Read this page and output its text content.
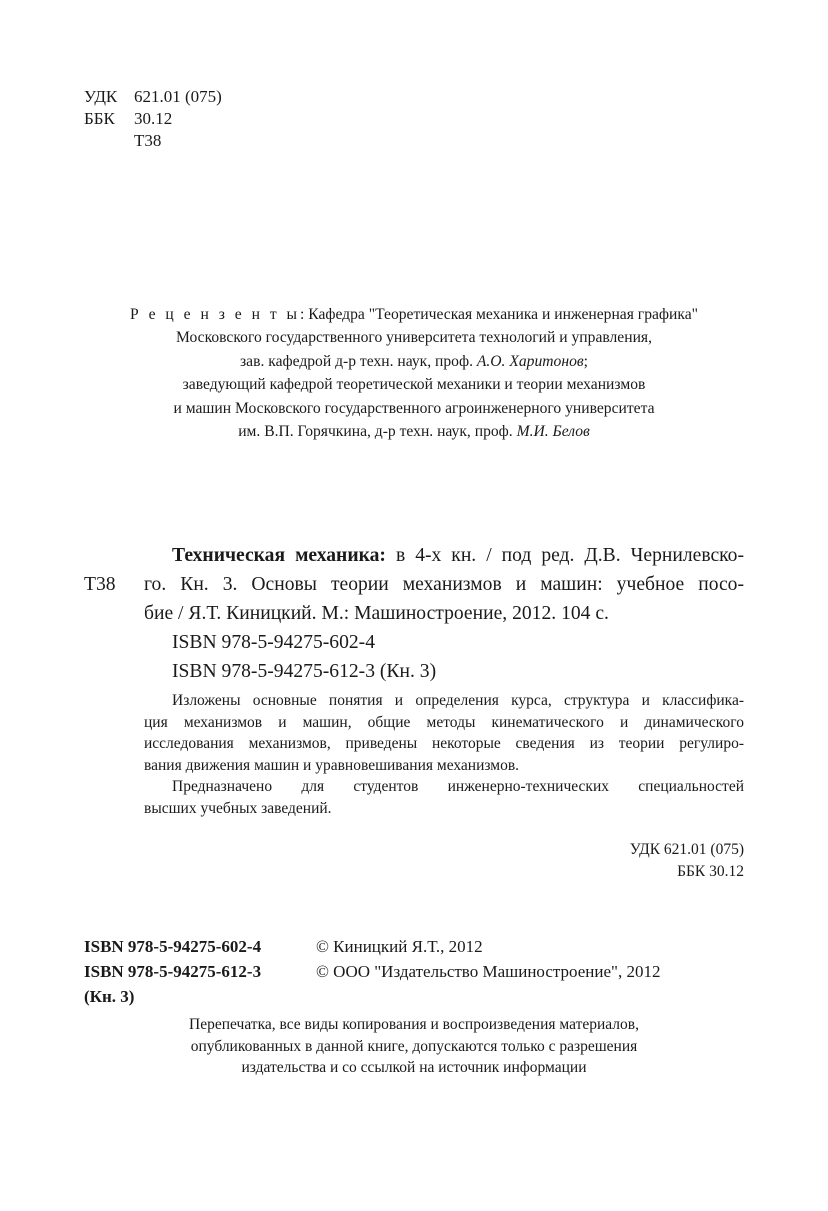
УДК 621.01 (075)
ББК	30.12
Т38
Р е ц е н з е н т ы: Кафедра "Теоретическая механика и инженерная графика"
Московского государственного университета технологий и управления,
зав. кафедрой д-р техн. наук, проф. А.О. Харитонов;
заведующий кафедрой теоретической механики и теории механизмов
и машин Московского государственного агроинженерного университета
им. В.П. Горячкина, д-р техн. наук, проф. М.И. Белов
Техническая механика: в 4-х кн. / под ред. Д.В. Чернилевско-
Т38 го. Кн. 3. Основы теории механизмов и машин: учебное посо-
бие / Я.Т. Киницкий. М.: Машиностроение, 2012. 104 с.
ISBN 978-5-94275-602-4
ISBN 978-5-94275-612-3 (Кн. 3)
Изложены основные понятия и определения курса, структура и классифика-
ция механизмов и машин, общие методы кинематического и динамического
исследования механизмов, приведены некоторые сведения из теории регулиро-
вания движения машин и уравновешивания механизмов.
Предназначено для студентов инженерно-технических специальностей
высших учебных заведений.
УДК 621.01 (075)
ББК 30.12
ISBN 978-5-94275-602-4	© Киницкий Я.Т., 2012
ISBN 978-5-94275-612-3	© ООО "Издательство Машиностроение", 2012
(Кн. 3)
Перепечатка, все виды копирования и воспроизведения материалов,
опубликованных в данной книге, допускаются только с разрешения
издательства и со ссылкой на источник информации
